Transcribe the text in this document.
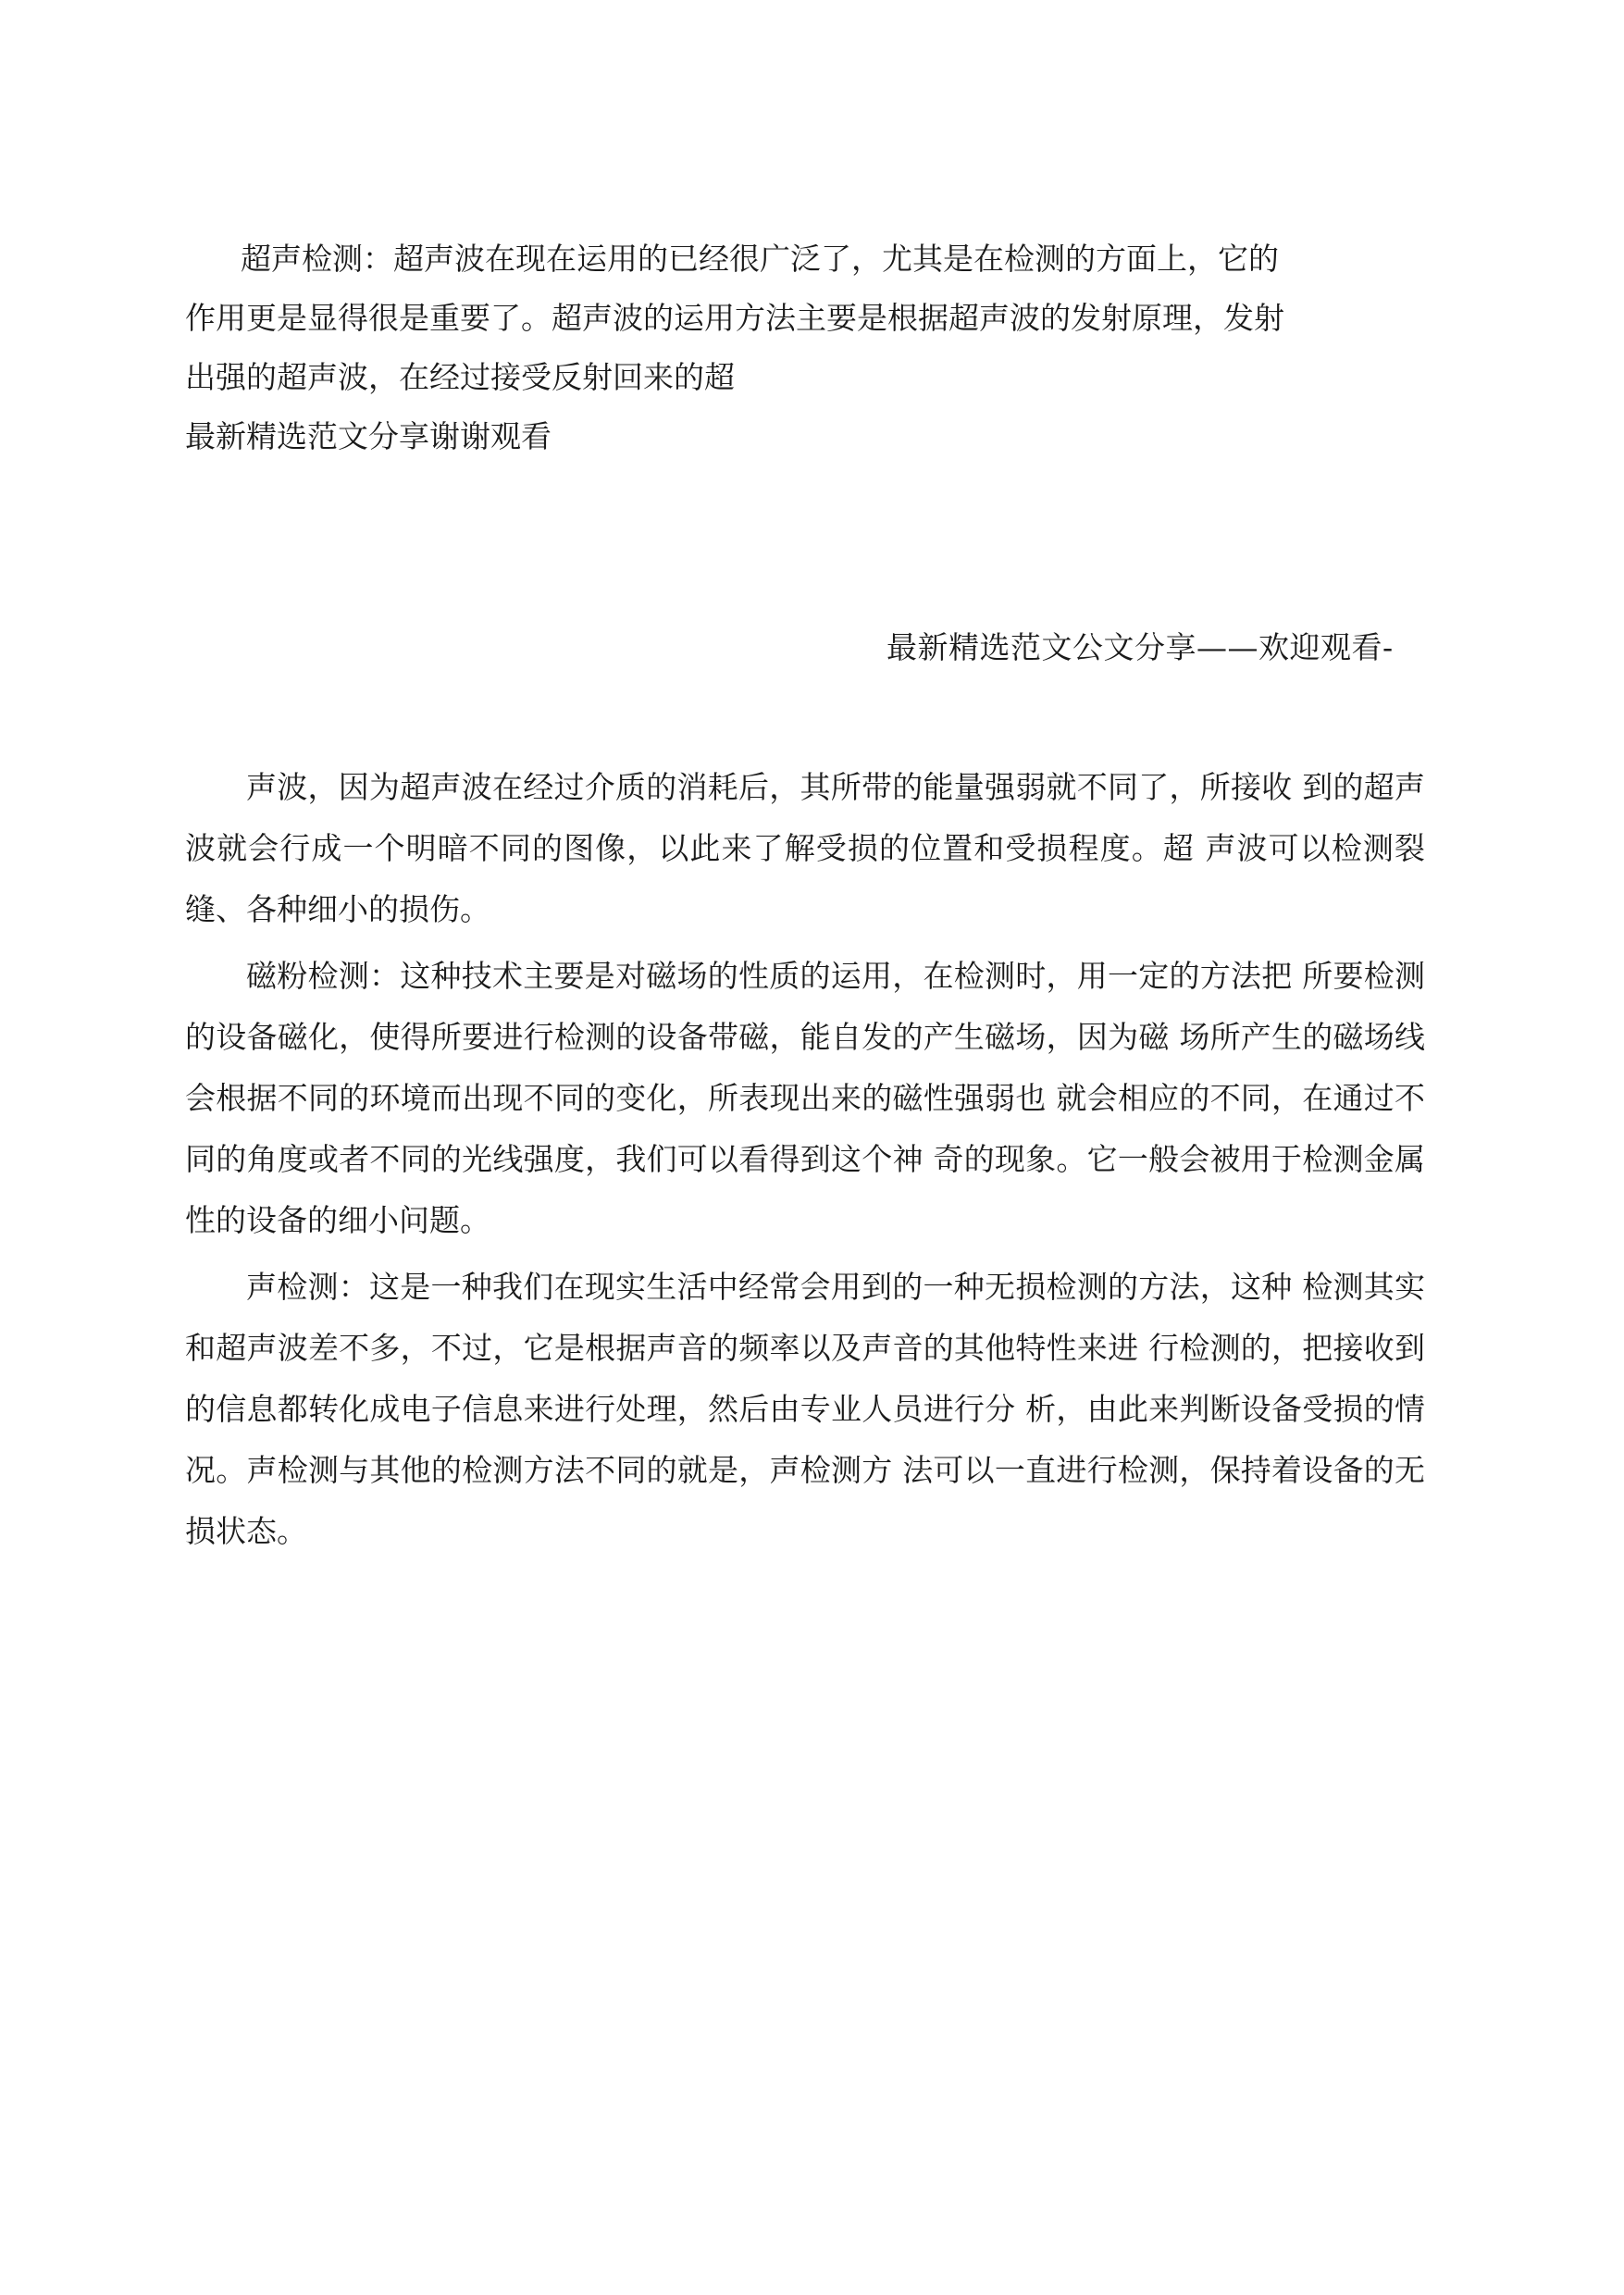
超声检测：超声波在现在运用的已经很广泛了，尤其是在检测的方面上，它的
作用更是显得很是重要了。超声波的运用方法主要是根据超声波的发射原理，发射
出强的超声波，在经过接受反射回来的超
最新精选范文分享谢谢观看
最新精选范文公文分享——欢迎观看-

声波，因为超声波在经过介质的消耗后，其所带的能量强弱就不同了，所接收 到的超声波就会行成一个明暗不同的图像，以此来了解受损的位置和受损程度。超 声波可以检测裂缝、各种细小的损伤。

磁粉检测：这种技术主要是对磁场的性质的运用，在检测时，用一定的方法把 所要检测的设备磁化，使得所要进行检测的设备带磁，能自发的产生磁场，因为磁 场所产生的磁场线会根据不同的环境而出现不同的变化，所表现出来的磁性强弱也 就会相应的不同，在通过不同的角度或者不同的光线强度，我们可以看得到这个神 奇的现象。它一般会被用于检测金属性的设备的细小问题。

声检测：这是一种我们在现实生活中经常会用到的一种无损检测的方法，这种 检测其实和超声波差不多，不过，它是根据声音的频率以及声音的其他特性来进 行检测的，把接收到的信息都转化成电子信息来进行处理，然后由专业人员进行分 析，由此来判断设备受损的情况。声检测与其他的检测方法不同的就是，声检测方 法可以一直进行检测，保持着设备的无损状态。
